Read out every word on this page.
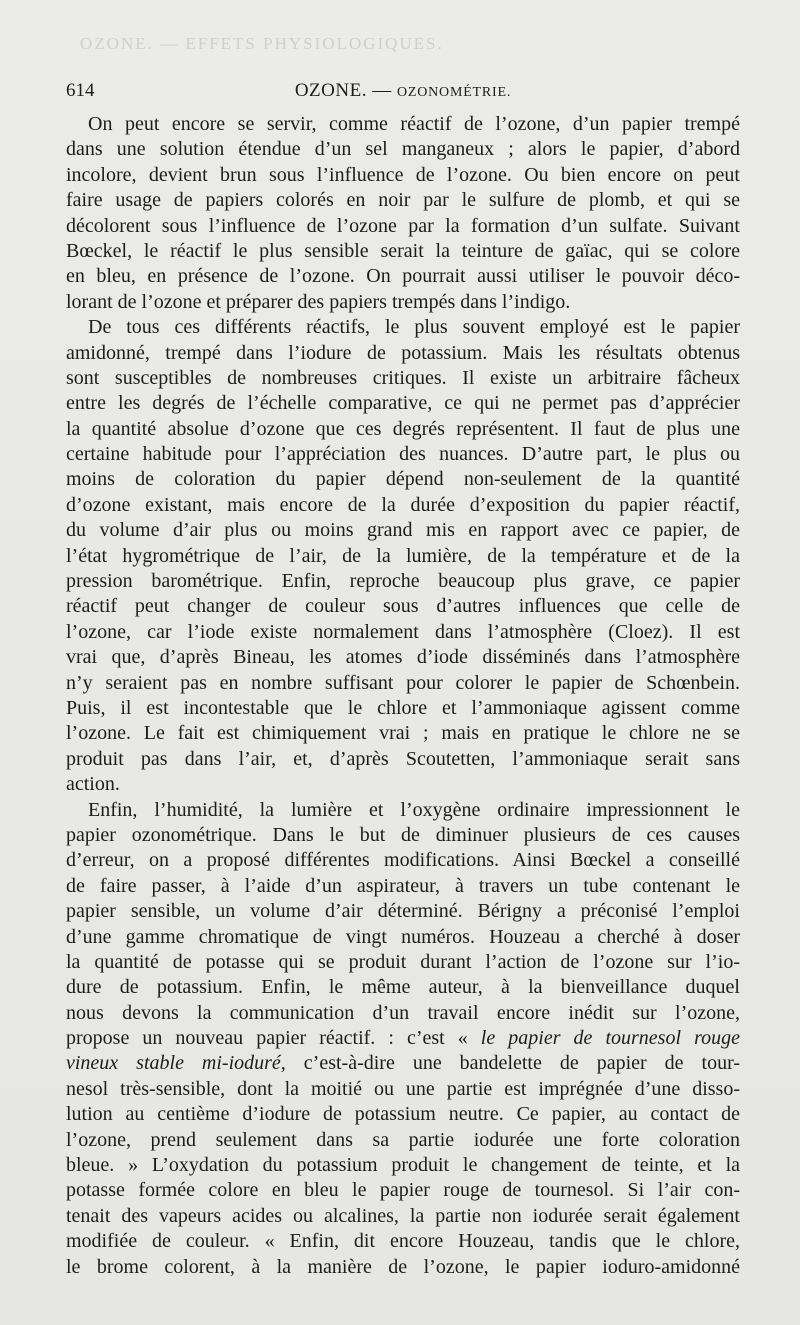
OZONE. — EFFETS PHYSIOLOGIQUES.
614	OZONE. — OZONOMÉTRIE.
On peut encore se servir, comme réactif de l’ozone, d’un papier trempé
dans une solution étendue d’un sel manganeux ; alors le papier, d’abord
incolore, devient brun sous l’influence de l’ozone. Ou bien encore on peut
faire usage de papiers colorés en noir par le sulfure de plomb, et qui se
décolorent sous l’influence de l’ozone par la formation d’un sulfate. Suivant
Bœckel, le réactif le plus sensible serait la teinture de gaïac, qui se colore
en bleu, en présence de l’ozone. On pourrait aussi utiliser le pouvoir déco-
lorant de l’ozone et préparer des papiers trempés dans l’indigo.
De tous ces différents réactifs, le plus souvent employé est le papier
amidonné, trempé dans l’iodure de potassium. Mais les résultats obtenus
sont susceptibles de nombreuses critiques. Il existe un arbitraire fâcheux
entre les degrés de l’échelle comparative, ce qui ne permet pas d’apprécier
la quantité absolue d’ozone que ces degrés représentent. Il faut de plus une
certaine habitude pour l’appréciation des nuances. D’autre part, le plus ou
moins de coloration du papier dépend non-seulement de la quantité
d’ozone existant, mais encore de la durée d’exposition du papier réactif,
du volume d’air plus ou moins grand mis en rapport avec ce papier, de
l’état hygrométrique de l’air, de la lumière, de la température et de la
pression barométrique. Enfin, reproche beaucoup plus grave, ce papier
réactif peut changer de couleur sous d’autres influences que celle de
l’ozone, car l’iode existe normalement dans l’atmosphère (Cloez). Il est
vrai que, d’après Bineau, les atomes d’iode disséminés dans l’atmosphère
n’y seraient pas en nombre suffisant pour colorer le papier de Schœnbein.
Puis, il est incontestable que le chlore et l’ammoniaque agissent comme
l’ozone. Le fait est chimiquement vrai ; mais en pratique le chlore ne se
produit pas dans l’air, et, d’après Scoutetten, l’ammoniaque serait sans
action.
Enfin, l’humidité, la lumière et l’oxygène ordinaire impressionnent le
papier ozonométrique. Dans le but de diminuer plusieurs de ces causes
d’erreur, on a proposé différentes modifications. Ainsi Bœckel a conseillé
de faire passer, à l’aide d’un aspirateur, à travers un tube contenant le
papier sensible, un volume d’air déterminé. Bérigny a préconisé l’emploi
d’une gamme chromatique de vingt numéros. Houzeau a cherché à doser
la quantité de potasse qui se produit durant l’action de l’ozone sur l’io-
dure de potassium. Enfin, le même auteur, à la bienveillance duquel
nous devons la communication d’un travail encore inédit sur l’ozone,
propose un nouveau papier réactif. : c’est « le papier de tournesol rouge
vineux stable mi-ioduré, c’est-à-dire une bandelette de papier de tour-
nesol très-sensible, dont la moitié ou une partie est imprégnée d’une disso-
lution au centième d’iodure de potassium neutre. Ce papier, au contact de
l’ozone, prend seulement dans sa partie iodurée une forte coloration
bleue. » L’oxydation du potassium produit le changement de teinte, et la
potasse formée colore en bleu le papier rouge de tournesol. Si l’air con-
tenait des vapeurs acides ou alcalines, la partie non iodurée serait également
modifiée de couleur. « Enfin, dit encore Houzeau, tandis que le chlore,
le brome colorent, à la manière de l’ozone, le papier ioduro-amidonné
